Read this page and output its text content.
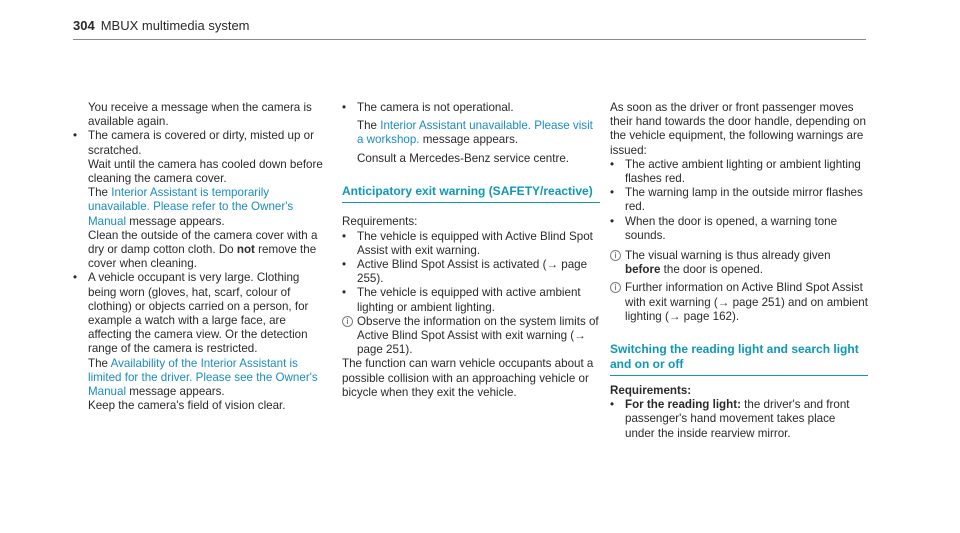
304 MBUX multimedia system

You receive a message when the camera is available again.

• The camera is covered or dirty, misted up or scratched.

Wait until the camera has cooled down before cleaning the camera cover.

The Interior Assistant is temporarily unavailable. Please refer to the Owner's Manual message appears.

Clean the outside of the camera cover with a dry or damp cotton cloth. Do not remove the cover when cleaning.

• A vehicle occupant is very large. Clothing being worn (gloves, hat, scarf, colour of clothing) or objects carried on a person, for example a watch with a large face, are affecting the camera view. Or the detection range of the camera is restricted.

The Availability of the Interior Assistant is limited for the driver. Please see the Owner's Manual message appears.

Keep the camera's field of vision clear.

• The camera is not operational.

The Interior Assistant unavailable. Please visit a workshop. message appears.

Consult a Mercedes-Benz service centre.

Anticipatory exit warning (SAFETY/reactive)

Requirements:

• The vehicle is equipped with Active Blind Spot Assist with exit warning.

• Active Blind Spot Assist is activated (→ page 255).

• The vehicle is equipped with active ambient lighting or ambient lighting.

i Observe the information on the system limits of Active Blind Spot Assist with exit warning (→ page 251).

The function can warn vehicle occupants about a possible collision with an approaching vehicle or bicycle when they exit the vehicle.

As soon as the driver or front passenger moves their hand towards the door handle, depending on the vehicle equipment, the following warnings are issued:

• The active ambient lighting or ambient lighting flashes red.

• The warning lamp in the outside mirror flashes red.

• When the door is opened, a warning tone sounds.

i The visual warning is thus already given before the door is opened.

i Further information on Active Blind Spot Assist with exit warning (→ page 251) and on ambient lighting (→ page 162).

Switching the reading light and search light and on or off

Requirements:

• For the reading light: the driver's and front passenger's hand movement takes place under the inside rearview mirror.
